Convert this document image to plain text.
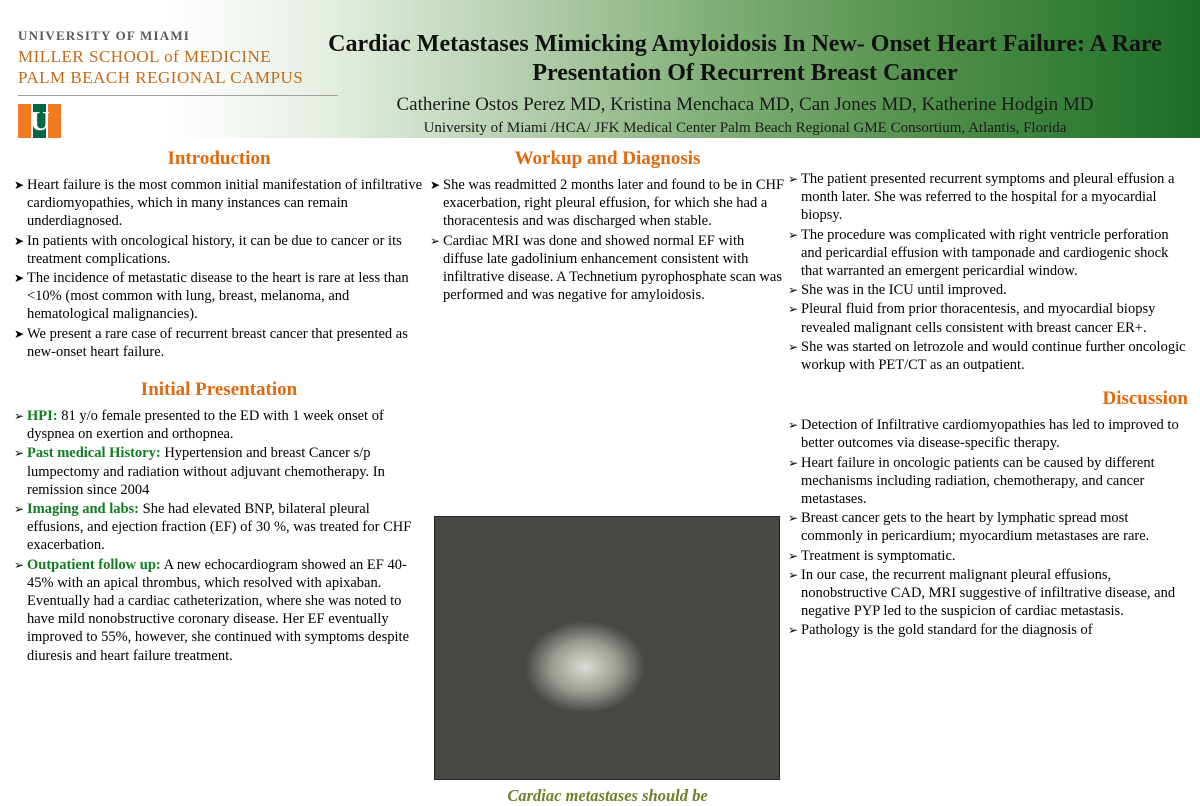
UNIVERSITY OF MIAMI
MILLER SCHOOL of MEDICINE
PALM BEACH REGIONAL CAMPUS
U
Cardiac Metastases Mimicking Amyloidosis In New- Onset Heart Failure: A Rare Presentation Of Recurrent Breast Cancer
Catherine Ostos Perez MD, Kristina Menchaca MD, Can Jones MD, Katherine Hodgin MD
University of Miami /HCA/ JFK Medical Center Palm Beach Regional GME Consortium, Atlantis, Florida
Introduction
➤ Heart failure is the most common initial manifestation of infiltrative cardiomyopathies, which in many instances can remain underdiagnosed.
➤ In patients with oncological history, it can be due to cancer or its treatment complications.
➤ The incidence of metastatic disease to the heart is rare at less than <10% (most common with lung, breast, melanoma, and hematological malignancies).
➤ We present a rare case of recurrent breast cancer that presented as new-onset heart failure.
Initial Presentation
➢ HPI: 81 y/o female presented to the ED with 1 week onset of dyspnea on exertion and orthopnea.
➢ Past medical History: Hypertension and breast Cancer s/p lumpectomy and radiation without adjuvant chemotherapy. In remission since 2004
➢ Imaging and labs: She had elevated BNP, bilateral pleural effusions, and ejection fraction (EF) of 30 %, was treated for CHF exacerbation.
➢ Outpatient follow up: A new echocardiogram showed an EF 40-45% with an apical thrombus, which resolved with apixaban. Eventually had a cardiac catheterization, where she was noted to have mild nonobstructive coronary disease. Her EF eventually improved to 55%, however, she continued with symptoms despite diuresis and heart failure treatment.
Workup and Diagnosis
➤ She was readmitted 2 months later and found to be in CHF exacerbation, right pleural effusion, for which she had a thoracentesis and was discharged when stable.
➢ Cardiac MRI was done and showed normal EF with diffuse late gadolinium enhancement consistent with infiltrative disease. A Technetium pyrophosphate scan was performed and was negative for amyloidosis.
➢ The patient presented recurrent symptoms and pleural effusion a month later. She was referred to the hospital for a myocardial biopsy.
➢ The procedure was complicated with right ventricle perforation and pericardial effusion with tamponade and cardiogenic shock that warranted an emergent pericardial window.
➢ She was in the ICU until improved.
➢ Pleural fluid from prior thoracentesis, and myocardial biopsy revealed malignant cells consistent with breast cancer ER+.
➢ She was started on letrozole and would continue further oncologic workup with PET/CT as an outpatient.
Discussion
➢ Detection of Infiltrative cardiomyopathies has led to improved to better outcomes via disease-specific therapy.
➢ Heart failure in oncologic patients can be caused by different mechanisms including radiation, chemotherapy, and cancer metastases.
➢ Breast cancer gets to the heart by lymphatic spread most commonly in pericardium; myocardium metastases are rare.
➢ Treatment is symptomatic.
➢ In our case, the recurrent malignant pleural effusions, nonobstructive CAD, MRI suggestive of infiltrative disease, and negative PYP led to the suspicion of cardiac metastasis.
➢ Pathology is the gold standard for the diagnosis of
Cardiac metastases should be
